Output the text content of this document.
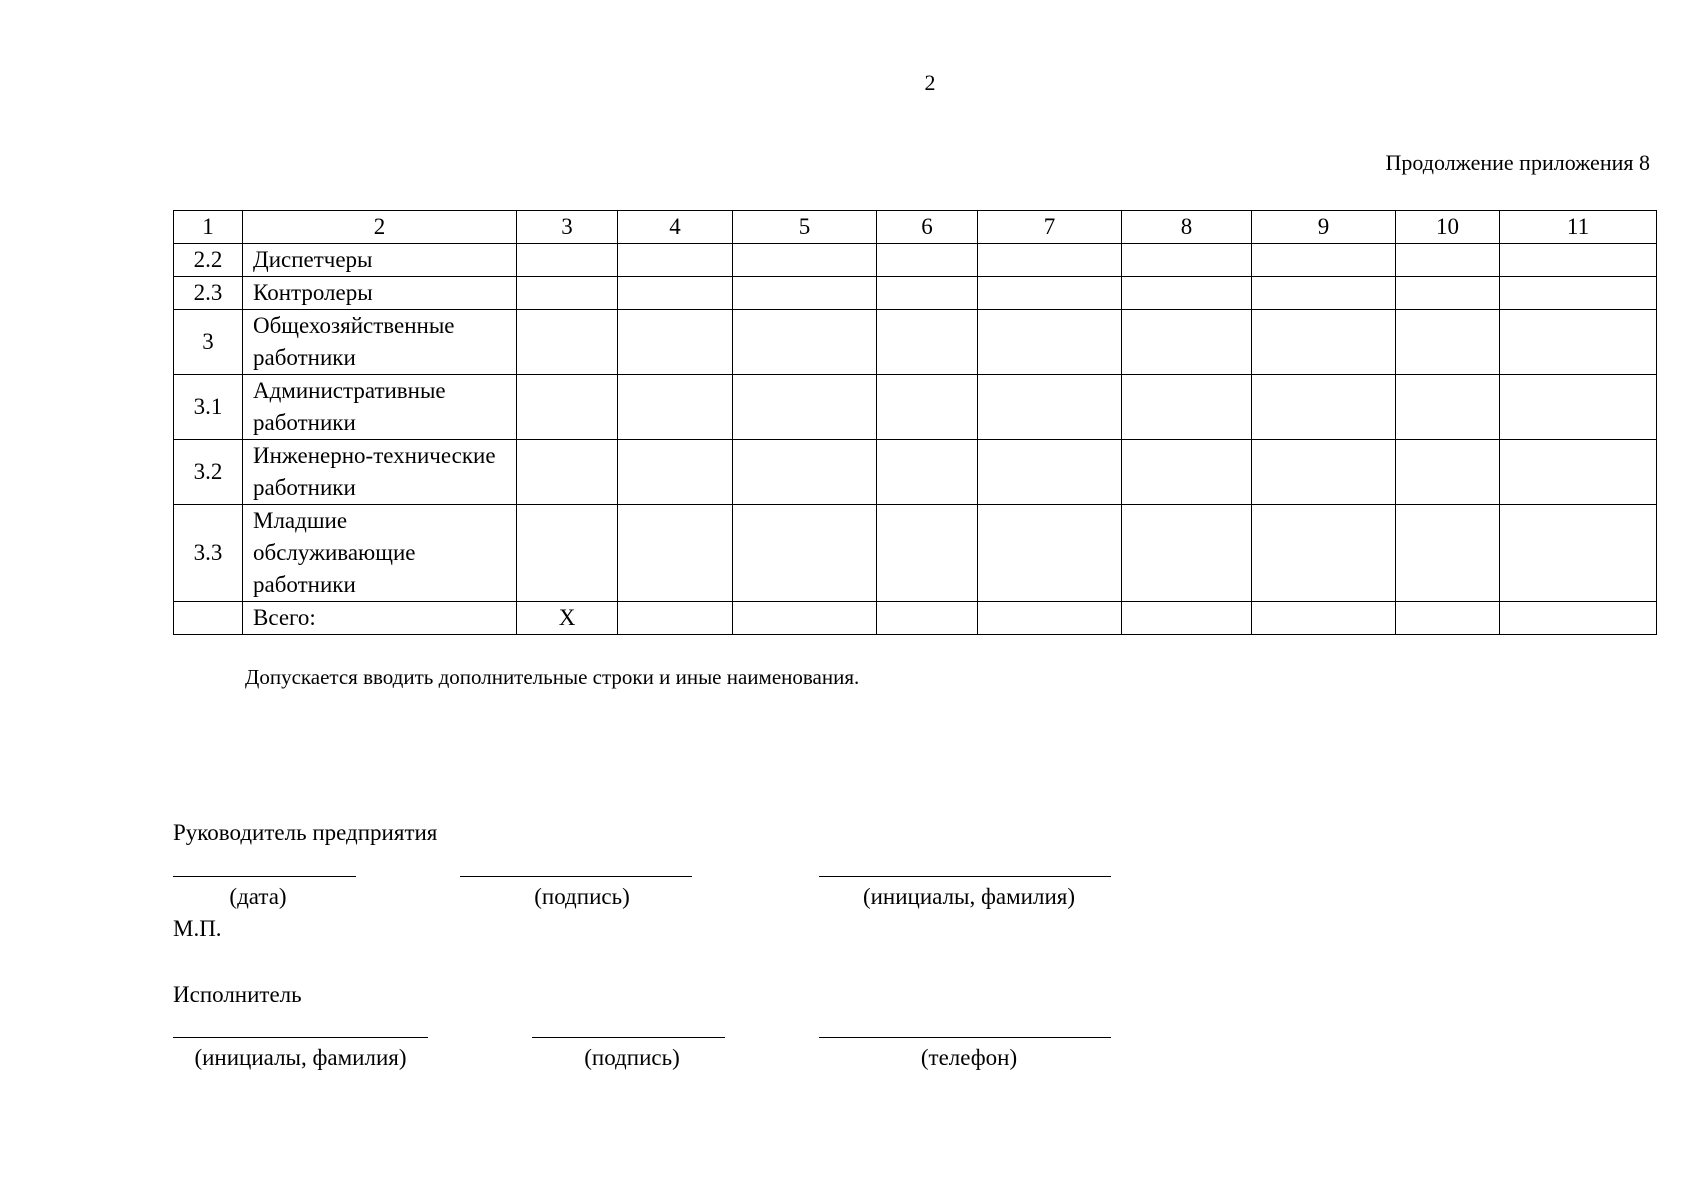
2
Продолжение приложения 8
1	2	3	4	5	6	7	8	9	10	11
2.2	Диспетчеры									
2.3	Контролеры									
3	Общехозяйственные работники									
3.1	Административные работники									
3.2	Инженерно-технические работники									
3.3	Младшие обслуживающие работники									
	Всего:	Х								
Допускается вводить дополнительные строки и иные наименования.
Руководитель предприятия
(дата)	(подпись)	(инициалы, фамилия)
М.П.
Исполнитель
(инициалы, фамилия)	(подпись)	(телефон)
